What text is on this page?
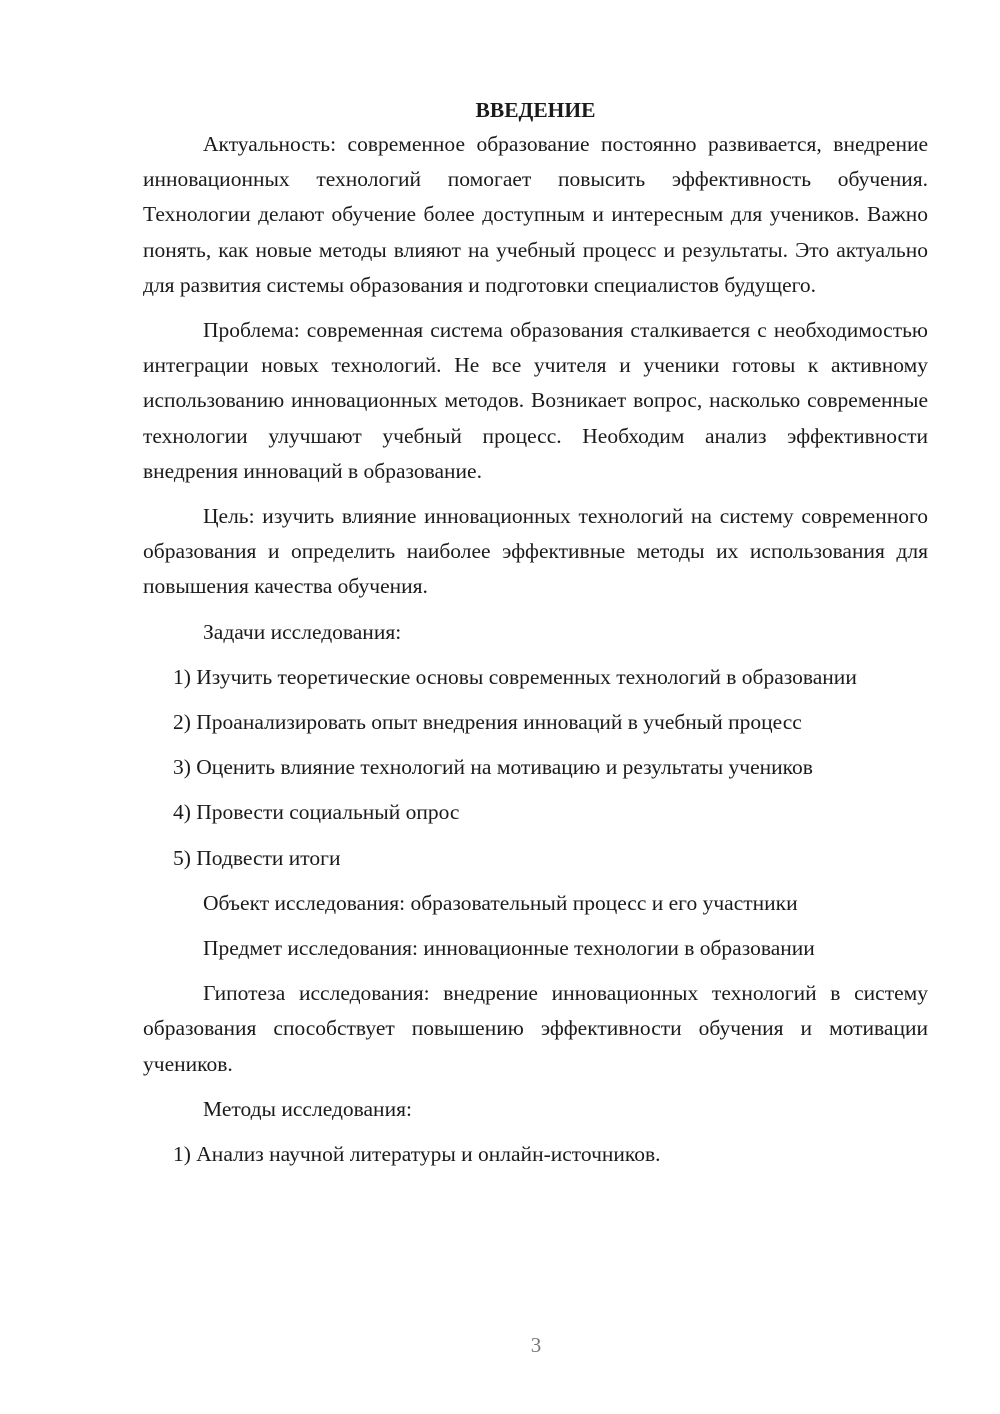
ВВЕДЕНИЕ

Актуальность: современное образование постоянно развивается, внедрение инновационных технологий помогает повысить эффективность обучения. Технологии делают обучение более доступным и интересным для учеников. Важно понять, как новые методы влияют на учебный процесс и результаты. Это актуально для развития системы образования и подготовки специалистов будущего.

Проблема: современная система образования сталкивается с необходимостью интеграции новых технологий. Не все учителя и ученики готовы к активному использованию инновационных методов. Возникает вопрос, насколько современные технологии улучшают учебный процесс. Необходим анализ эффективности внедрения инноваций в образование.

Цель: изучить влияние инновационных технологий на систему современного образования и определить наиболее эффективные методы их использования для повышения качества обучения.

Задачи исследования:

1) Изучить теоретические основы современных технологий в образовании

2) Проанализировать опыт внедрения инноваций в учебный процесс

3) Оценить влияние технологий на мотивацию и результаты учеников

4) Провести социальный опрос

5) Подвести итоги

Объект исследования: образовательный процесс и его участники

Предмет исследования: инновационные технологии в образовании

Гипотеза исследования: внедрение инновационных технологий в систему образования способствует повышению эффективности обучения и мотивации учеников.

Методы исследования:

1) Анализ научной литературы и онлайн-источников.

3
